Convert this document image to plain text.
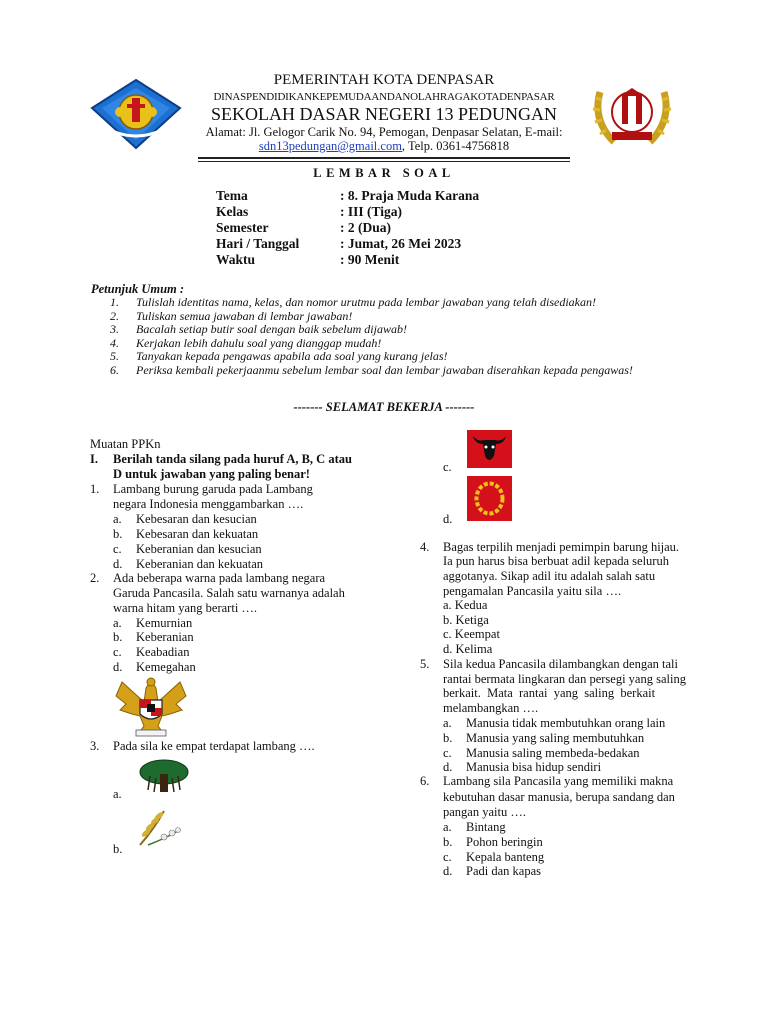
PEMERINTAH KOTA DENPASAR
DINASPENDIDIKANKEPEMUDAANDANOLAHRAGAKOTADENPASAR
SEKOLAH DASAR NEGERI 13 PEDUNGAN
Alamat: Jl. Gelogor Carik No. 94, Pemogan, Denpasar Selatan, E-mail:
sdn13pedungan@gmail.com, Telp. 0361-4756818
LEMBAR SOAL
Tema	: 8. Praja Muda Karana
Kelas	: III (Tiga)
Semester	: 2 (Dua)
Hari / Tanggal	: Jumat, 26 Mei 2023
Waktu	: 90 Menit
Petunjuk Umum :
1.	Tulislah identitas nama, kelas, dan nomor urutmu pada lembar jawaban yang telah disediakan!
2.	Tuliskan semua jawaban di lembar jawaban!
3.	Bacalah setiap butir soal dengan baik sebelum dijawab!
4.	Kerjakan lebih dahulu soal yang dianggap mudah!
5.	Tanyakan kepada pengawas apabila ada soal yang kurang jelas!
6.	Periksa kembali pekerjaanmu sebelum lembar soal dan lembar jawaban diserahkan kepada pengawas!
------- SELAMAT BEKERJA -------
Muatan PPKn
I. Berilah tanda silang pada huruf A, B, C atau
D untuk jawaban yang paling benar!
1. Lambang burung garuda pada Lambang
negara Indonesia menggambarkan ….
a. Kebesaran dan kesucian
b. Kebesaran dan kekuatan
c. Keberanian dan kesucian
d. Keberanian dan kekuatan
2. Ada beberapa warna pada lambang negara
Garuda Pancasila. Salah satu warnanya adalah
warna hitam yang berarti ….
a. Kemurnian
b. Keberanian
c. Keabadian
d. Kemegahan
3. Pada sila ke empat terdapat lambang ….
a.
b.
c.
d.
4. Bagas terpilih menjadi pemimpin barung hijau.
Ia pun harus bisa berbuat adil kepada seluruh
aggotanya. Sikap adil itu adalah salah satu
pengamalan Pancasila yaitu sila ….
a. Kedua
b. Ketiga
c. Keempat
d. Kelima
5. Sila kedua Pancasila dilambangkan dengan tali
rantai bermata lingkaran dan persegi yang saling
berkait.  Mata  rantai  yang  saling  berkait
melambangkan ….
a. Manusia tidak membutuhkan orang lain
b. Manusia yang saling membutuhkan
c. Manusia saling membeda-bedakan
d. Manusia bisa hidup sendiri
6. Lambang sila Pancasila yang memiliki makna
kebutuhan dasar manusia, berupa sandang dan
pangan yaitu ….
a. Bintang
b. Pohon beringin
c. Kepala banteng
d. Padi dan kapas
